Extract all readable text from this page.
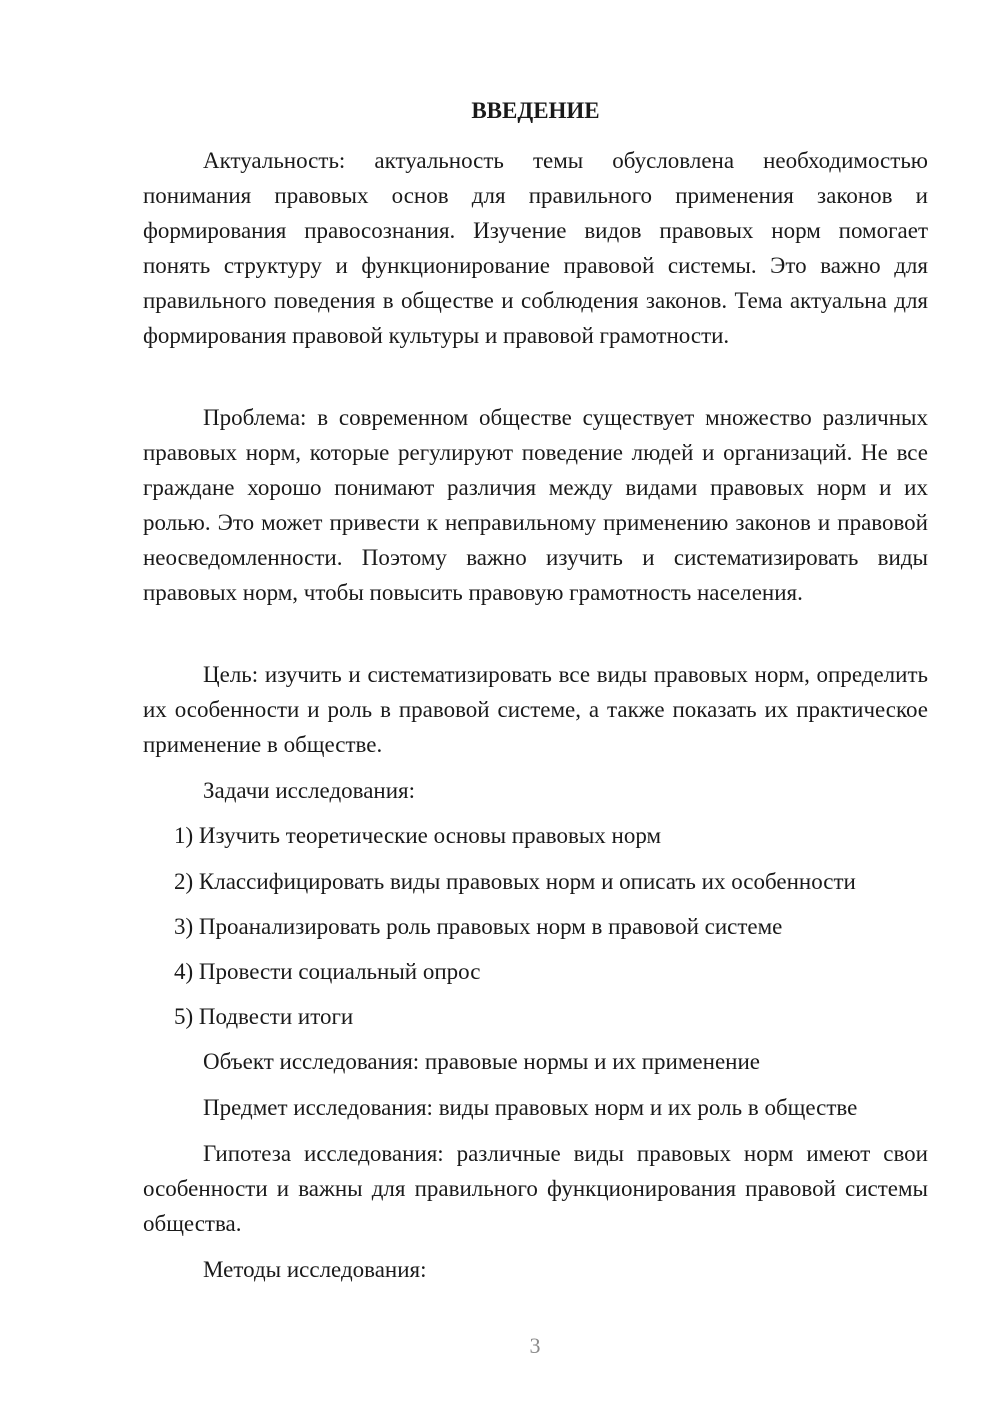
ВВЕДЕНИЕ

Актуальность: актуальность темы обусловлена необходимостью понимания правовых основ для правильного применения законов и формирования правосознания. Изучение видов правовых норм помогает понять структуру и функционирование правовой системы. Это важно для правильного поведения в обществе и соблюдения законов. Тема актуальна для формирования правовой культуры и правовой грамотности.

Проблема: в современном обществе существует множество различных правовых норм, которые регулируют поведение людей и организаций. Не все граждане хорошо понимают различия между видами правовых норм и их ролью. Это может привести к неправильному применению законов и правовой неосведомленности. Поэтому важно изучить и систематизировать виды правовых норм, чтобы повысить правовую грамотность населения.

Цель: изучить и систематизировать все виды правовых норм, определить их особенности и роль в правовой системе, а также показать их практическое применение в обществе.

Задачи исследования:

1) Изучить теоретические основы правовых норм

2) Классифицировать виды правовых норм и описать их особенности

3) Проанализировать роль правовых норм в правовой системе

4) Провести социальный опрос

5) Подвести итоги

Объект исследования: правовые нормы и их применение

Предмет исследования: виды правовых норм и их роль в обществе

Гипотеза исследования: различные виды правовых норм имеют свои особенности и важны для правильного функционирования правовой системы общества.

Методы исследования:

3
